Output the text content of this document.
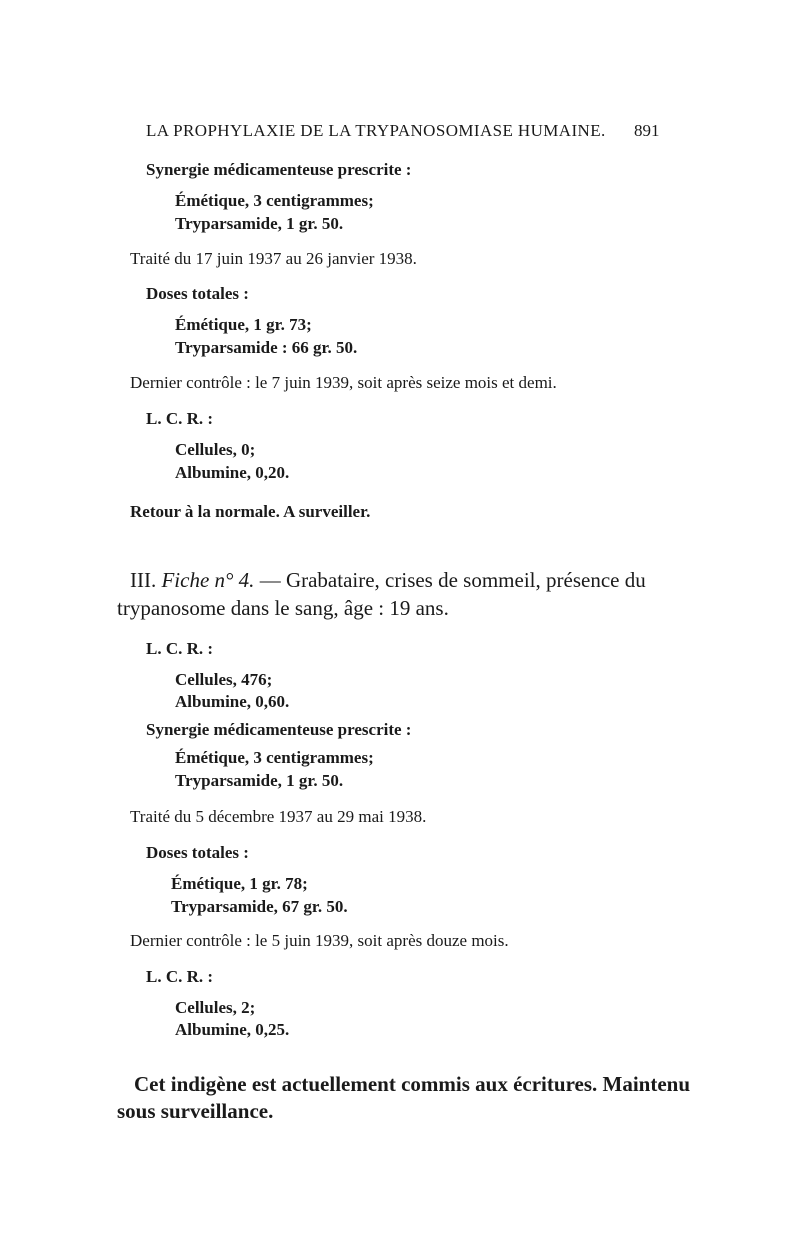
LA PROPHYLAXIE DE LA TRYPANOSOMIASE HUMAINE. 891
Synergie médicamenteuse prescrite :
Émétique, 3 centigrammes;
Tryparsamide, 1 gr. 50.
Traité du 17 juin 1937 au 26 janvier 1938.
Doses totales :
Émétique, 1 gr. 73;
Tryparsamide : 66 gr. 50.
Dernier contrôle : le 7 juin 1939, soit après seize mois et demi.
L. C. R. :
Cellules, 0;
Albumine, 0,20.
Retour à la normale. A surveiller.
III. Fiche n° 4. — Grabataire, crises de sommeil, présence du
trypanosome dans le sang, âge : 19 ans.
L. C. R. :
Cellules, 476;
Albumine, 0,60.
Synergie médicamenteuse prescrite :
Émétique, 3 centigrammes;
Tryparsamide, 1 gr. 50.
Traité du 5 décembre 1937 au 29 mai 1938.
Doses totales :
Émétique, 1 gr. 78;
Tryparsamide, 67 gr. 50.
Dernier contrôle : le 5 juin 1939, soit après douze mois.
L. C. R. :
Cellules, 2;
Albumine, 0,25.
Cet indigène est actuellement commis aux écritures. Maintenu
sous surveillance.
